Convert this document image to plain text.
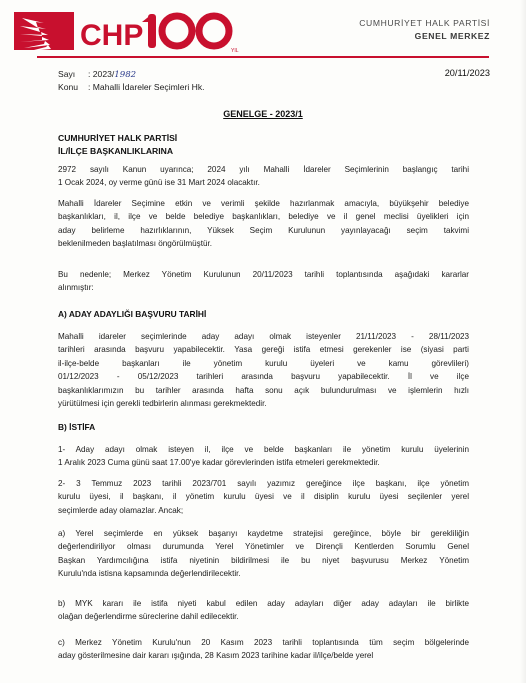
CHP	YIL
CUMHURİYET HALK PARTİSİ
GENEL MERKEZ
Sayı : 2023/1982
Konu : Mahalli İdareler Seçimleri Hk.
20/11/2023
GENELGE - 2023/1
CUMHURİYET HALK PARTİSİ
İL/İLÇE BAŞKANLIKLARINA
2972 sayılı Kanun uyarınca; 2024 yılı Mahalli İdareler Seçimlerinin başlangıç tarihi
1 Ocak 2024, oy verme günü ise 31 Mart 2024 olacaktır.
Mahalli İdareler Seçimine etkin ve verimli şekilde hazırlanmak amacıyla, büyükşehir belediye
başkanlıkları, il, ilçe ve belde belediye başkanlıkları, belediye ve il genel meclisi üyelikleri için
aday belirleme hazırlıklarının, Yüksek Seçim Kurulunun yayınlayacağı seçim takvimi
beklenilmeden başlatılması öngörülmüştür.
Bu nedenle; Merkez Yönetim Kurulunun 20/11/2023 tarihli toplantısında aşağıdaki kararlar
alınmıştır:
A) ADAY ADAYLIĞI BAŞVURU TARİHİ
Mahalli idareler seçimlerinde aday adayı olmak isteyenler 21/11/2023 - 28/11/2023
tarihleri arasında başvuru yapabilecektir. Yasa gereği istifa etmesi gerekenler ise (siyasi parti
il-ilçe-belde başkanları ile yönetim kurulu üyeleri ve kamu görevlileri)
01/12/2023 - 05/12/2023 tarihleri arasında başvuru yapabilecektir. İl ve ilçe
başkanlıklarımızın bu tarihler arasında hafta sonu açık bulundurulması ve işlemlerin hızlı
yürütülmesi için gerekli tedbirlerin alınması gerekmektedir.
B) İSTİFA
1- Aday adayı olmak isteyen il, ilçe ve belde başkanları ile yönetim kurulu üyelerinin
1 Aralık 2023 Cuma günü saat 17.00'ye kadar görevlerinden istifa etmeleri gerekmektedir.
2- 3 Temmuz 2023 tarihli 2023/701 sayılı yazımız gereğince ilçe başkanı, ilçe yönetim
kurulu üyesi, il başkanı, il yönetim kurulu üyesi ve il disiplin kurulu üyesi seçilenler yerel
seçimlerde aday olamazlar. Ancak;
a) Yerel seçimlerde en yüksek başarıyı kaydetme stratejisi gereğince, böyle bir gerekliliğin
değerlendiriliyor olması durumunda Yerel Yönetimler ve Dirençli Kentlerden Sorumlu Genel
Başkan Yardımcılığına istifa niyetinin bildirilmesi ile bu niyet başvurusu Merkez Yönetim
Kurulu'nda istisna kapsamında değerlendirilecektir.
b) MYK kararı ile istifa niyeti kabul edilen aday adayları diğer aday adayları ile birlikte
olağan değerlendirme süreclerine dahil edilecektir.
c) Merkez Yönetim Kurulu'nun 20 Kasım 2023 tarihli toplantısında tüm seçim bölgelerinde
aday gösterilmesine dair kararı ışığında, 28 Kasım 2023 tarihine kadar il/ilçe/belde yerel
